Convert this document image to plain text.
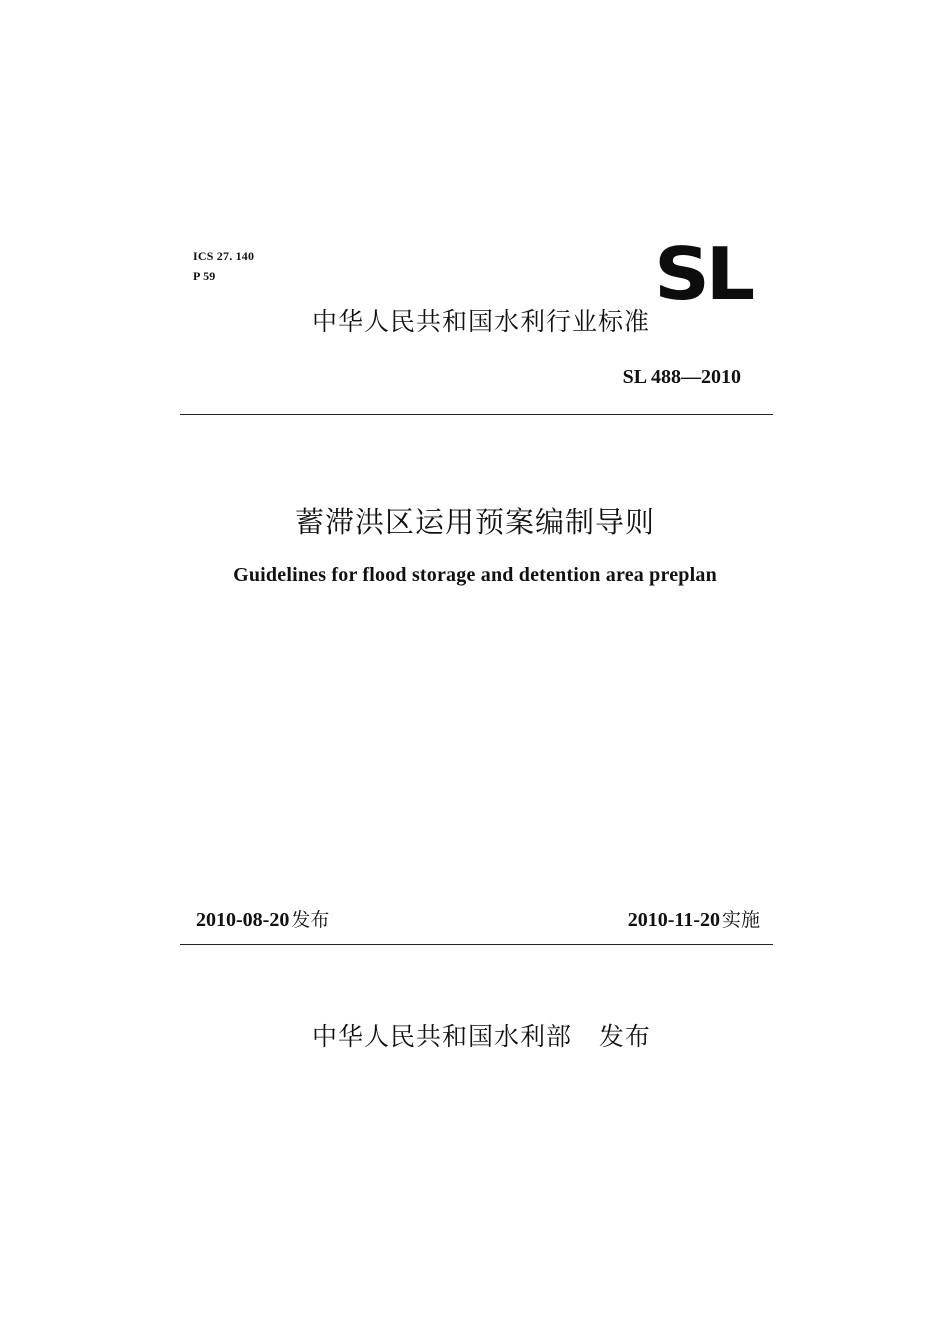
ICS 27. 140
P 59	SL
中华人民共和国水利行业标准
SL 488—2010
蓄滞洪区运用预案编制导则
Guidelines for flood storage and detention area preplan
2010-08-20 发布	2010-11-20 实施
中华人民共和国水利部 发布
